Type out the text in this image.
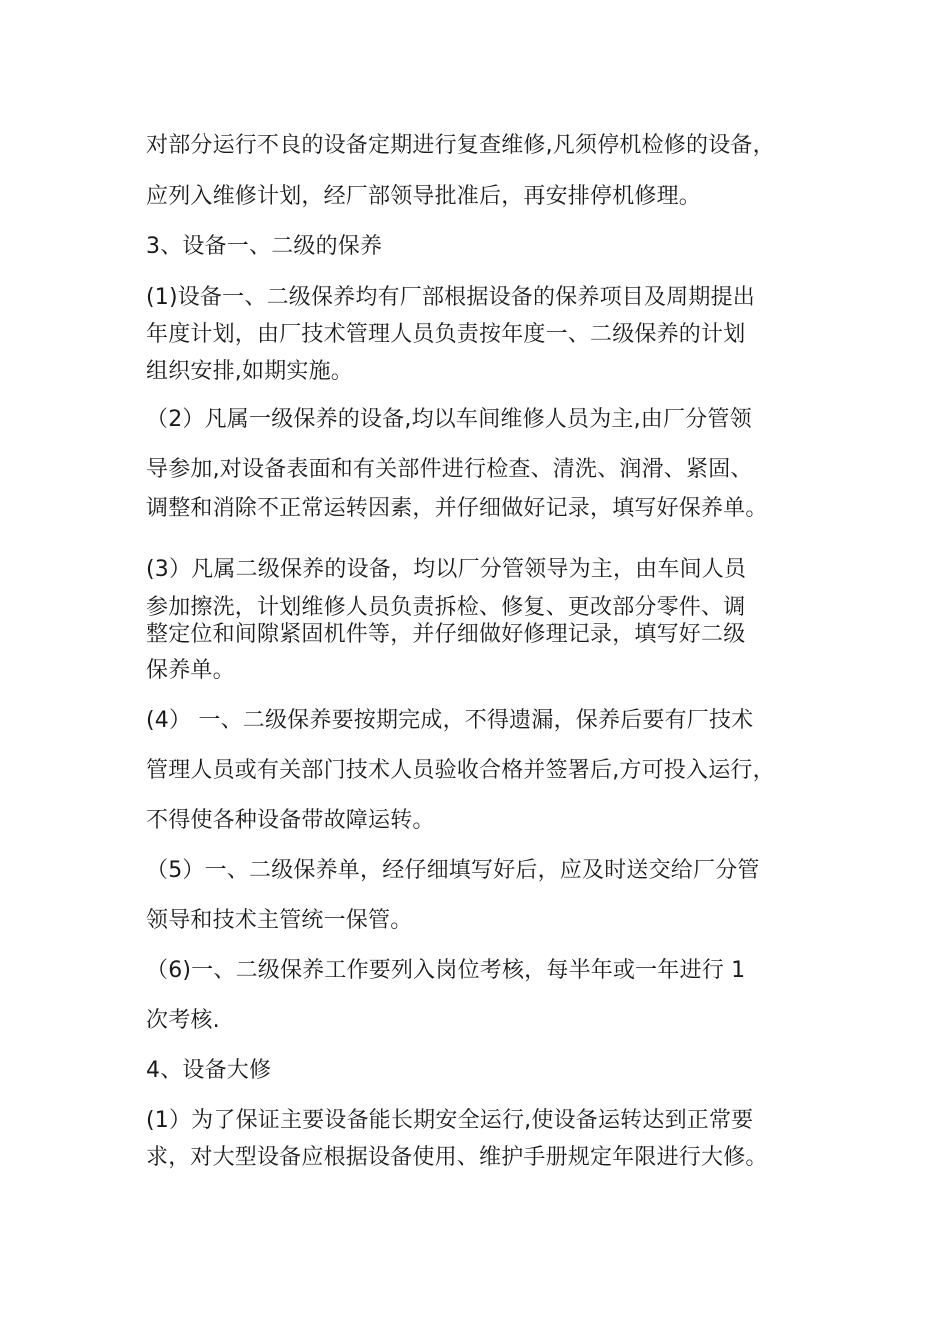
对部分运行不良的设备定期进行复查维修,凡须停机检修的设备，
应列入维修计划，经厂部领导批准后，再安排停机修理。
3、设备一、二级的保养
(1)设备一、二级保养均有厂部根据设备的保养项目及周期提出
年度计划，由厂技术管理人员负责按年度一、二级保养的计划
组织安排,如期实施。
（2）凡属一级保养的设备,均以车间维修人员为主,由厂分管领
导参加,对设备表面和有关部件进行检查、清洗、润滑、紧固、
调整和消除不正常运转因素，并仔细做好记录，填写好保养单。
(3）凡属二级保养的设备，均以厂分管领导为主，由车间人员
参加擦洗，计划维修人员负责拆检、修复、更改部分零件、调
整定位和间隙紧固机件等，并仔细做好修理记录，填写好二级
保养单。
(4） 一、二级保养要按期完成，不得遗漏，保养后要有厂技术
管理人员或有关部门技术人员验收合格并签署后,方可投入运行，
不得使各种设备带故障运转。
（5）一、二级保养单，经仔细填写好后，应及时送交给厂分管
领导和技术主管统一保管。
（6)一、二级保养工作要列入岗位考核，每半年或一年进行 1
次考核.
4、设备大修
(1）为了保证主要设备能长期安全运行,使设备运转达到正常要
求，对大型设备应根据设备使用、维护手册规定年限进行大修。
